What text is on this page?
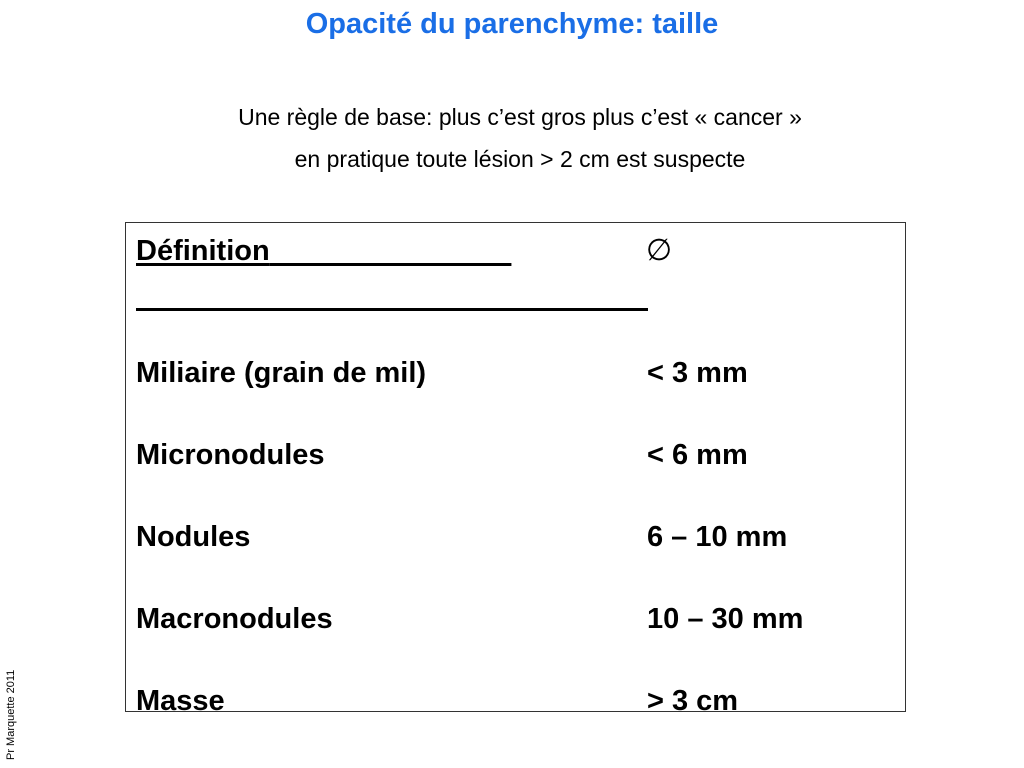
Opacité du parenchyme: taille
Une règle de base: plus c’est gros plus c’est « cancer »
en pratique toute lésion > 2 cm est suspecte
Définition	∅
Miliaire (grain de mil)	< 3 mm
Micronodules	< 6 mm
Nodules	6 – 10 mm
Macronodules	10 – 30 mm
Masse	> 3 cm
Pr Marquette 2011
